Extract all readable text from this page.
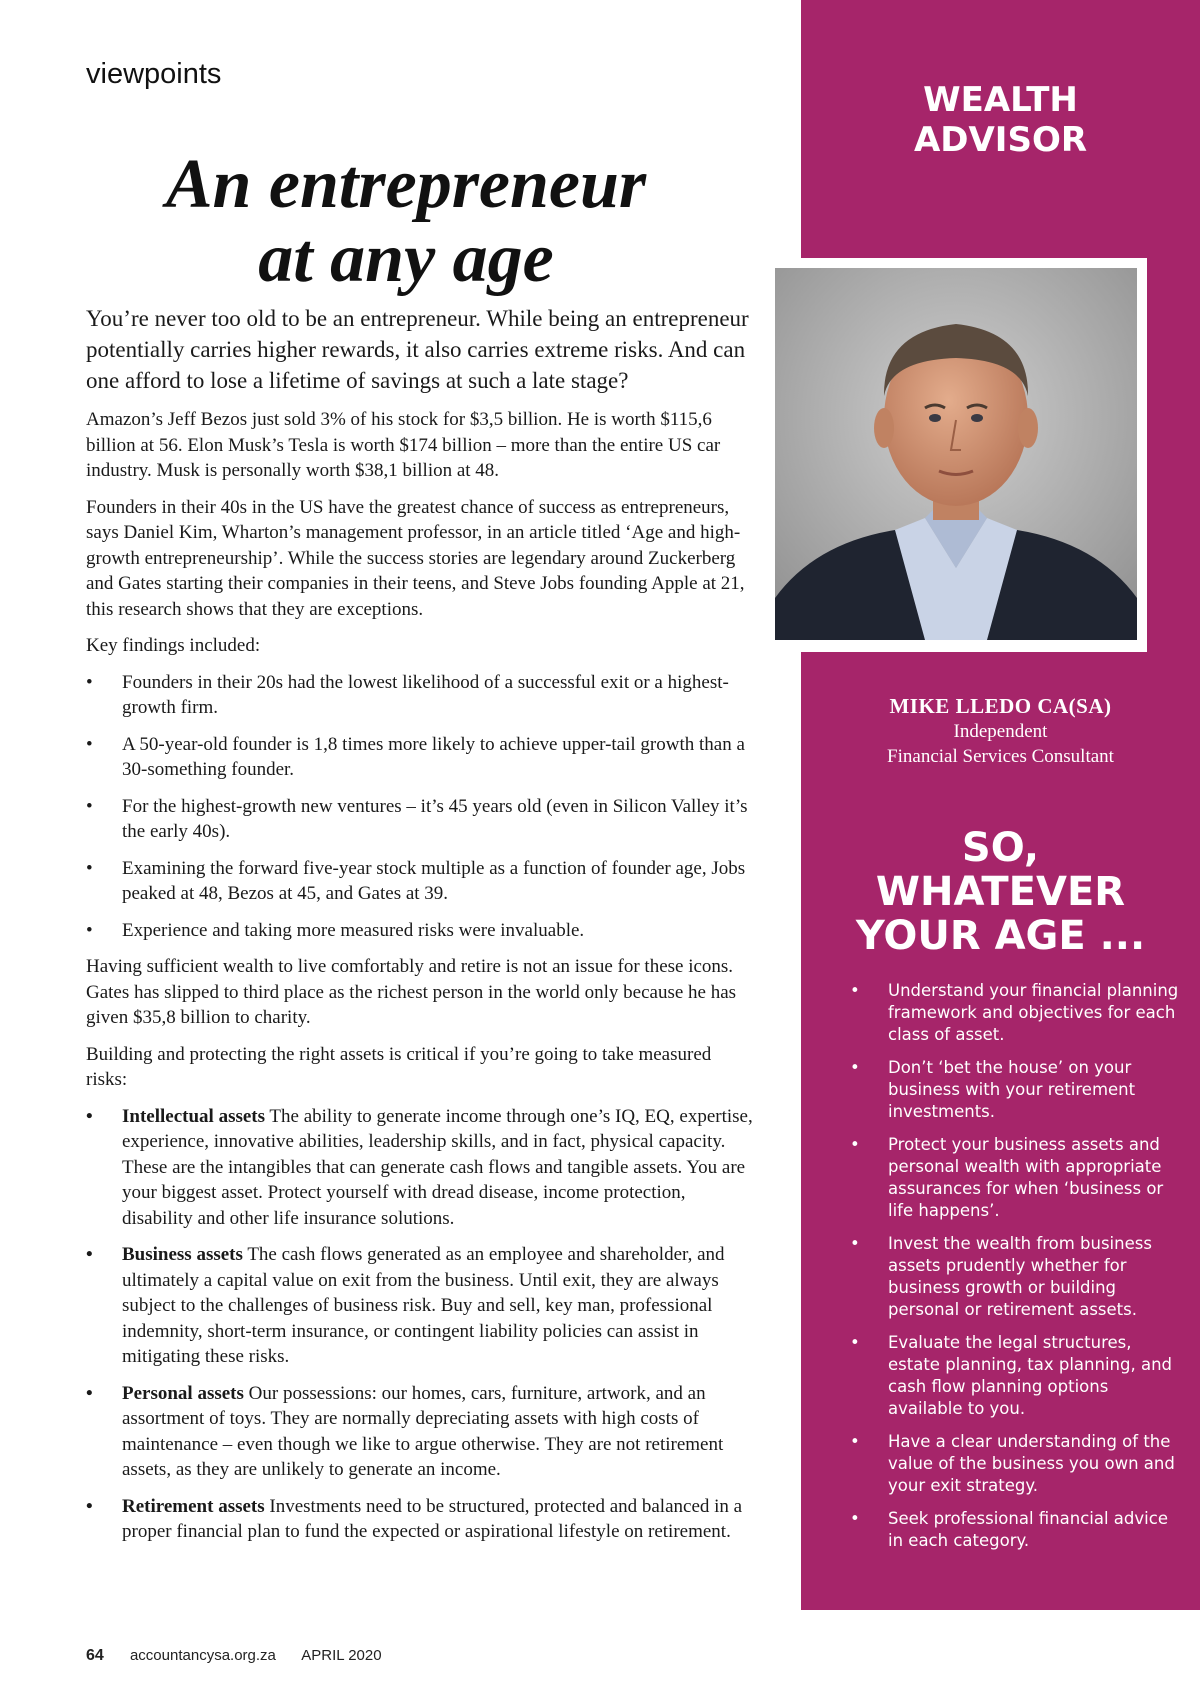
viewpoints
An entrepreneur
at any age

You’re never too old to be an entrepreneur. While being an entrepreneur potentially carries higher rewards, it also carries extreme risks. And can one afford to lose a lifetime of savings at such a late stage?

Amazon’s Jeff Bezos just sold 3% of his stock for $3,5 billion. He is worth $115,6 billion at 56. Elon Musk’s Tesla is worth $174 billion – more than the entire US car industry. Musk is personally worth $38,1 billion at 48.

Founders in their 40s in the US have the greatest chance of success as entrepreneurs, says Daniel Kim, Wharton’s management professor, in an article titled ‘Age and high-growth entrepreneurship’. While the success stories are legendary around Zuckerberg and Gates starting their companies in their teens, and Steve Jobs founding Apple at 21, this research shows that they are exceptions.

Key findings included:

• Founders in their 20s had the lowest likelihood of a successful exit or a highest-growth firm.
• A 50-year-old founder is 1,8 times more likely to achieve upper-tail growth than a 30-something founder.
• For the highest-growth new ventures – it’s 45 years old (even in Silicon Valley it’s the early 40s).
• Examining the forward five-year stock multiple as a function of founder age, Jobs peaked at 48, Bezos at 45, and Gates at 39.
• Experience and taking more measured risks were invaluable.

Having sufficient wealth to live comfortably and retire is not an issue for these icons. Gates has slipped to third place as the richest person in the world only because he has given $35,8 billion to charity.

Building and protecting the right assets is critical if you’re going to take measured risks:

• Intellectual assets The ability to generate income through one’s IQ, EQ, expertise, experience, innovative abilities, leadership skills, and in fact, physical capacity. These are the intangibles that can generate cash flows and tangible assets. You are your biggest asset. Protect yourself with dread disease, income protection, disability and other life insurance solutions.
• Business assets The cash flows generated as an employee and shareholder, and ultimately a capital value on exit from the business. Until exit, they are always subject to the challenges of business risk. Buy and sell, key man, professional indemnity, short-term insurance, or contingent liability policies can assist in mitigating these risks.
• Personal assets Our possessions: our homes, cars, furniture, artwork, and an assortment of toys. They are normally depreciating assets with high costs of maintenance – even though we like to argue otherwise. They are not retirement assets, as they are unlikely to generate an income.
• Retirement assets Investments need to be structured, protected and balanced in a proper financial plan to fund the expected or aspirational lifestyle on retirement.
64 accountancysa.org.za APRIL 2020
WEALTH
ADVISOR
MIKE LLEDO CA(SA)
Independent
Financial Services Consultant
SO,
WHATEVER
YOUR AGE ...
• Understand your financial planning framework and objectives for each class of asset.
• Don’t ‘bet the house’ on your business with your retirement investments.
• Protect your business assets and personal wealth with appropriate assurances for when ‘business or life happens’.
• Invest the wealth from business assets prudently whether for business growth or building personal or retirement assets.
• Evaluate the legal structures, estate planning, tax planning, and cash flow planning options available to you.
• Have a clear understanding of the value of the business you own and your exit strategy.
• Seek professional financial advice in each category.
